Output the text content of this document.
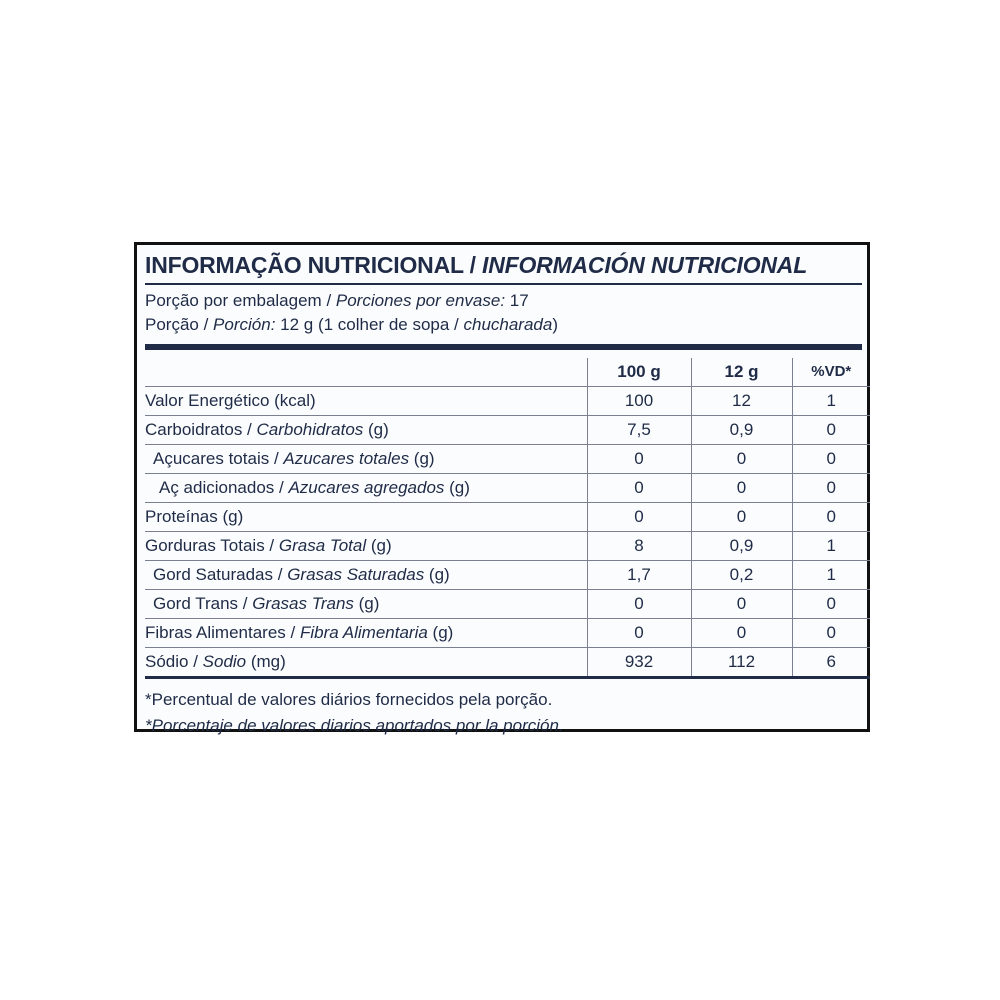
INFORMAÇÃO NUTRICIONAL / INFORMACIÓN NUTRICIONAL
Porção por embalagem / Porciones por envase: 17
Porção / Porción: 12 g (1 colher de sopa / chucharada)
	100 g	12 g	%VD*
Valor Energético (kcal)	100	12	1
Carboidratos / Carbohidratos (g)	7,5	0,9	0
Açucares totais / Azucares totales (g)	0	0	0
Aç adicionados / Azucares agregados (g)	0	0	0
Proteínas (g)	0	0	0
Gorduras Totais / Grasa Total (g)	8	0,9	1
Gord Saturadas / Grasas Saturadas (g)	1,7	0,2	1
Gord Trans / Grasas Trans (g)	0	0	0
Fibras Alimentares / Fibra Alimentaria (g)	0	0	0
Sódio / Sodio (mg)	932	112	6
*Percentual de valores diários fornecidos pela porção.
*Porcentaje de valores diarios aportados por la porción.
